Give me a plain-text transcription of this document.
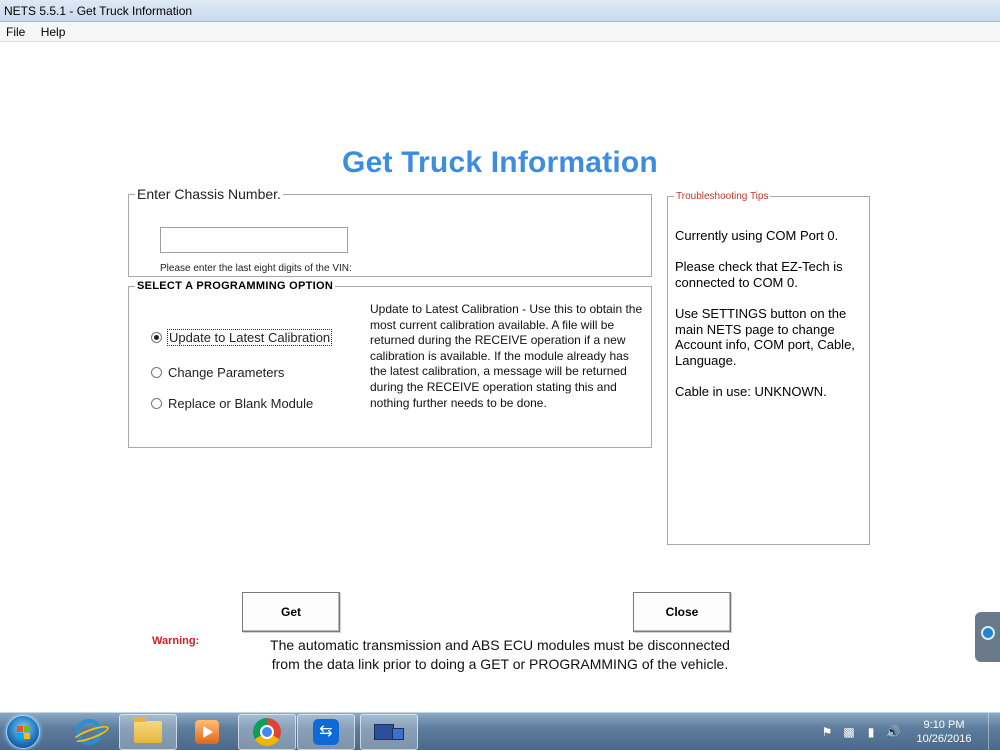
NETS 5.5.1 - Get Truck Information
File Help
Get Truck Information
Enter Chassis Number.
Please enter the last eight digits of the VIN:
SELECT A PROGRAMMING OPTION
Update to Latest Calibration
Change Parameters
Replace or Blank Module
Update to Latest Calibration - Use this to obtain the most current calibration available. A file will be returned during the RECEIVE operation if a new calibration is available. If the module already has the latest calibration, a message will be returned during the RECEIVE operation stating this and nothing further needs to be done.
Troubleshooting Tips

Currently using COM Port 0.

Please check that EZ-Tech is connected to COM 0.

Use SETTINGS button on the main NETS page to change Account info, COM port, Cable, Language.

Cable in use: UNKNOWN.

Get	Close
Warning:	The automatic transmission and ABS ECU modules must be disconnected
from the data link prior to doing a GET or PROGRAMMING of the vehicle.
⇆
⚑ ▩	▮ 🔊	9:10 PM
10/26/2016
